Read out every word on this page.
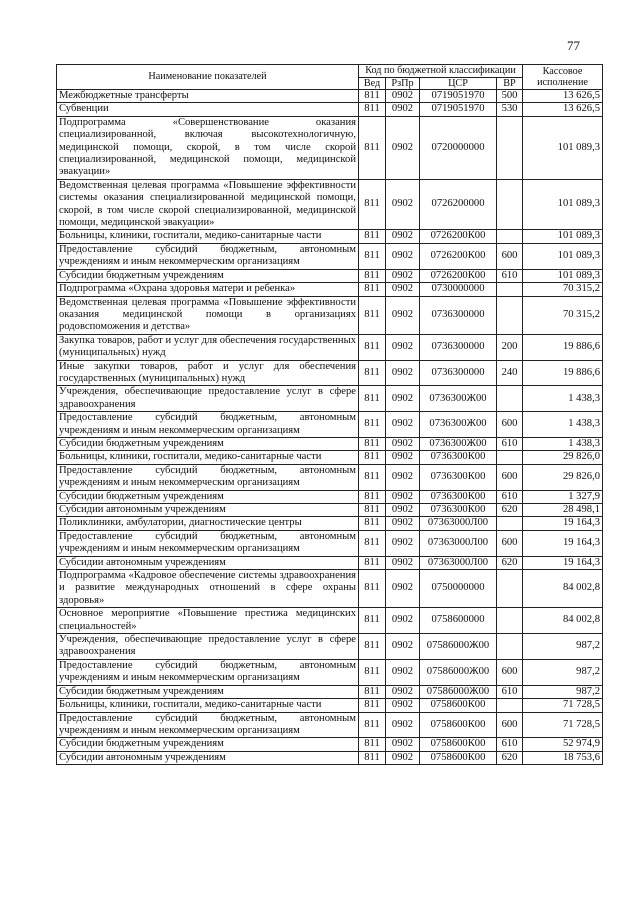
77
Наименование показателей	Код по бюджетной классификации				Кассовое исполнение
	Вед	РзПр	ЦСР	ВР	
Межбюджетные трансферты	811	0902	0719051970	500	13 626,5
Субвенции	811	0902	0719051970	530	13 626,5
Подпрограмма «Совершенствование оказания специализированной, включая высокотехнологичную, медицинской помощи, скорой, в том числе скорой специализированной, медицинской помощи, медицинской эвакуации»	811	0902	0720000000		101 089,3
Ведомственная целевая программа «Повышение эффективности системы оказания специализированной медицинской помощи, скорой, в том числе скорой специализированной, медицинской помощи, медицинской эвакуации»	811	0902	0726200000		101 089,3
Больницы, клиники, госпитали, медико-санитарные части	811	0902	0726200К00		101 089,3
Предоставление субсидий бюджетным, автономным учреждениям и иным некоммерческим организациям	811	0902	0726200К00	600	101 089,3
Субсидии бюджетным учреждениям	811	0902	0726200К00	610	101 089,3
Подпрограмма «Охрана здоровья матери и ребенка»	811	0902	0730000000		70 315,2
Ведомственная целевая программа «Повышение эффективности оказания медицинской помощи в организациях родовспоможения и детства»	811	0902	0736300000		70 315,2
Закупка товаров, работ и услуг для обеспечения государственных (муниципальных) нужд	811	0902	0736300000	200	19 886,6
Иные закупки товаров, работ и услуг для обеспечения государственных (муниципальных) нужд	811	0902	0736300000	240	19 886,6
Учреждения, обеспечивающие предоставление услуг в сфере здравоохранения	811	0902	0736300Ж00		1 438,3
Предоставление субсидий бюджетным, автономным учреждениям и иным некоммерческим организациям	811	0902	0736300Ж00	600	1 438,3
Субсидии бюджетным учреждениям	811	0902	0736300Ж00	610	1 438,3
Больницы, клиники, госпитали, медико-санитарные части	811	0902	0736300К00		29 826,0
Предоставление субсидий бюджетным, автономным учреждениям и иным некоммерческим организациям	811	0902	0736300К00	600	29 826,0
Субсидии бюджетным учреждениям	811	0902	0736300К00	610	1 327,9
Субсидии автономным учреждениям	811	0902	0736300К00	620	28 498,1
Поликлиники, амбулатории, диагностические центры	811	0902	07363000Л00		19 164,3
Предоставление субсидий бюджетным, автономным учреждениям и иным некоммерческим организациям	811	0902	07363000Л00	600	19 164,3
Субсидии автономным учреждениям	811	0902	07363000Л00	620	19 164,3
Подпрограмма «Кадровое обеспечение системы здравоохранения и развитие международных отношений в сфере охраны здоровья»	811	0902	0750000000		84 002,8
Основное мероприятие «Повышение престижа медицинских специальностей»	811	0902	0758600000		84 002,8
Учреждения, обеспечивающие предоставление услуг в сфере здравоохранения	811	0902	07586000Ж00		987,2
Предоставление субсидий бюджетным, автономным учреждениям и иным некоммерческим организациям	811	0902	07586000Ж00	600	987,2
Субсидии бюджетным учреждениям	811	0902	07586000Ж00	610	987,2
Больницы, клиники, госпитали, медико-санитарные части	811	0902	0758600К00		71 728,5
Предоставление субсидий бюджетным, автономным учреждениям и иным некоммерческим организациям	811	0902	0758600К00	600	71 728,5
Субсидии бюджетным учреждениям	811	0902	0758600К00	610	52 974,9
Субсидии автономным учреждениям	811	0902	0758600К00	620	18 753,6
